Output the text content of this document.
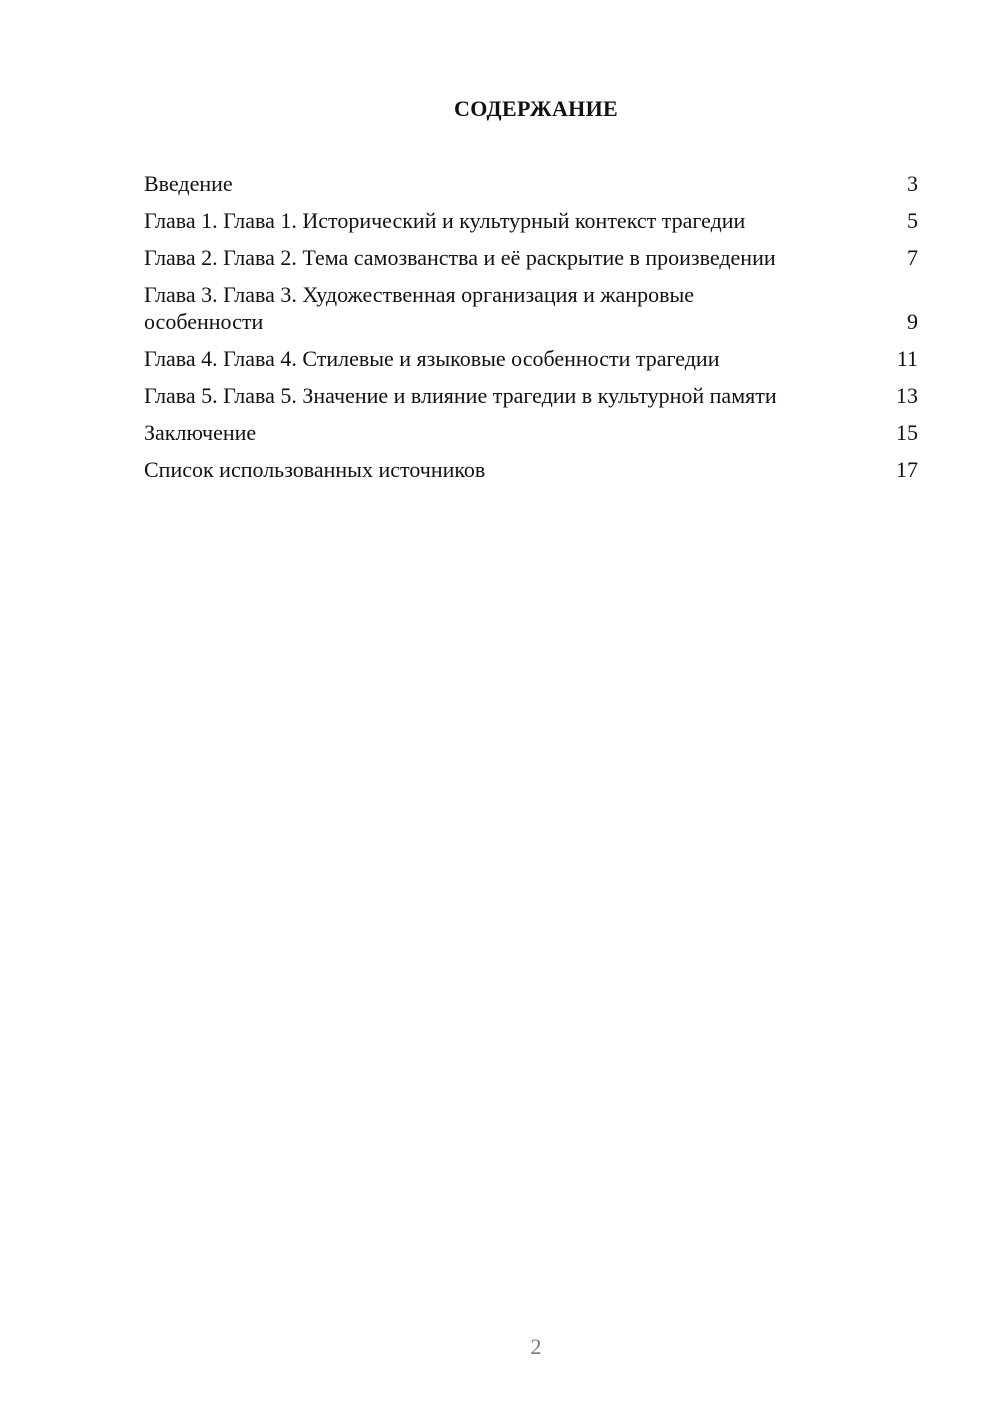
СОДЕРЖАНИЕ
Введение	3
Глава 1. Глава 1. Исторический и культурный контекст трагедии	5
Глава 2. Глава 2. Тема самозванства и её раскрытие в произведении	7
Глава 3. Глава 3. Художественная организация и жанровые особенности	9
Глава 4. Глава 4. Стилевые и языковые особенности трагедии	11
Глава 5. Глава 5. Значение и влияние трагедии в культурной памяти	13
Заключение	15
Список использованных источников	17
2
